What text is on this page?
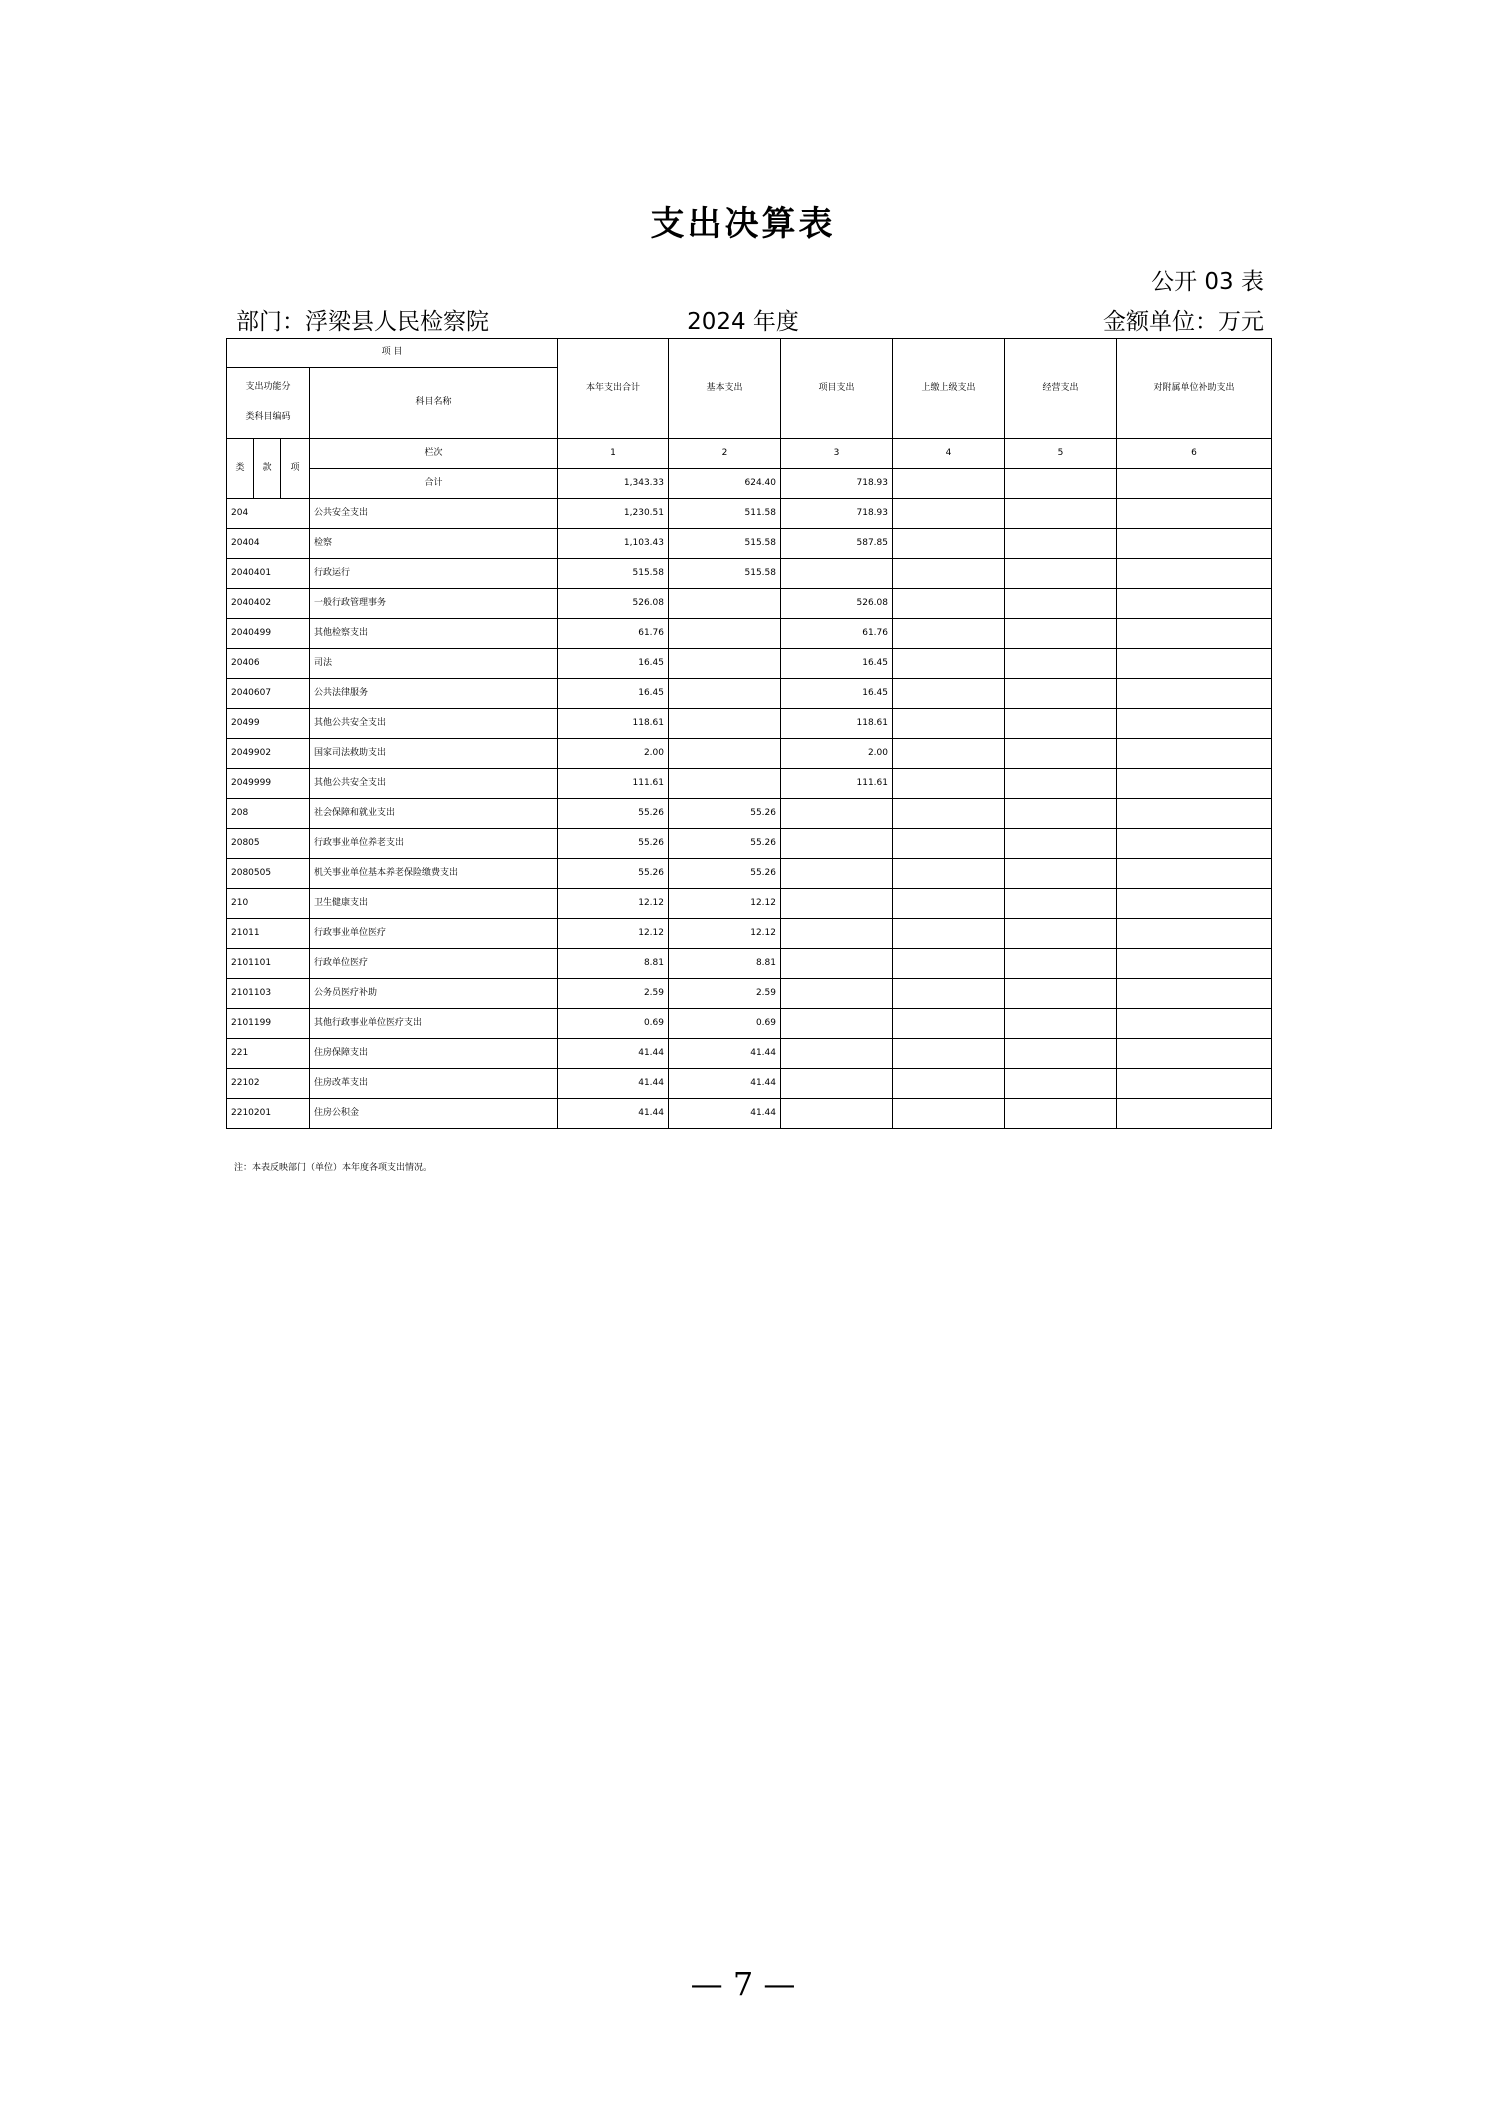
支出决算表
公开 03 表
部门：浮梁县人民检察院	2024 年度	金额单位：万元
项 目				本年支出合计	基本支出	项目支出	上缴上级支出	经营支出	对附属单位补助支出

支出功能分
类科目编码			科目名称						
类	款	项	栏次	1	2	3	4	5	6
			合计	1,343.33	624.40	718.93			
204			公共安全支出	1,230.51	511.58	718.93			
20404			检察	1,103.43	515.58	587.85			
2040401			行政运行	515.58	515.58				
2040402			一般行政管理事务	526.08		526.08			
2040499			其他检察支出	61.76		61.76			
20406			司法	16.45		16.45			
2040607			公共法律服务	16.45		16.45			
20499			其他公共安全支出	118.61		118.61			
2049902			国家司法救助支出	2.00		2.00			
2049999			其他公共安全支出	111.61		111.61			
208			社会保障和就业支出	55.26	55.26				
20805			行政事业单位养老支出	55.26	55.26				
2080505			机关事业单位基本养老保险缴费支出	55.26	55.26				
210			卫生健康支出	12.12	12.12				
21011			行政事业单位医疗	12.12	12.12				
2101101			行政单位医疗	8.81	8.81				
2101103			公务员医疗补助	2.59	2.59				
2101199			其他行政事业单位医疗支出	0.69	0.69				
221			住房保障支出	41.44	41.44				
22102			住房改革支出	41.44	41.44				
2210201			住房公积金	41.44	41.44				
注：本表反映部门（单位）本年度各项支出情况。
— 7 —
